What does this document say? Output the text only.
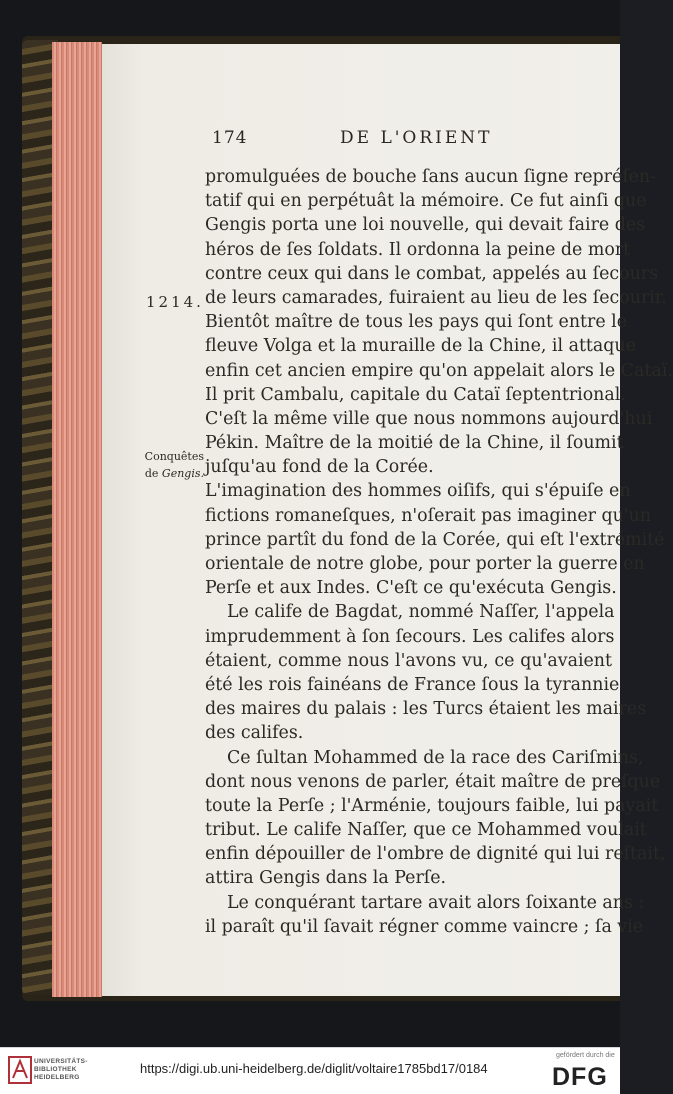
174	DE L'ORIENT
1214.
Conquêtes
de Gengis.
promulguées de bouche ſans aucun ſigne repréſen-
tatif qui en perpétuât la mémoire. Ce fut ainſi que
Gengis porta une loi nouvelle, qui devait faire des
héros de ſes ſoldats. Il ordonna la peine de mort
contre ceux qui dans le combat, appelés au ſecours
de leurs camarades, fuiraient au lieu de les ſecourir.
Bientôt maître de tous les pays qui ſont entre le
fleuve Volga et la muraille de la Chine, il attaque
enfin cet ancien empire qu'on appelait alors le Cataï.
Il prit Cambalu, capitale du Cataï ſeptentrional.
C'eſt la même ville que nous nommons aujourd'hui
Pékin. Maître de la moitié de la Chine, il ſoumit
juſqu'au fond de la Corée.
L'imagination des hommes oiſifs, qui s'épuiſe en
fictions romaneſques, n'oſerait pas imaginer qu'un
prince partît du fond de la Corée, qui eſt l'extrémité
orientale de notre globe, pour porter la guerre en
Perſe et aux Indes. C'eſt ce qu'exécuta Gengis.
Le calife de Bagdat, nommé Naſſer, l'appela
imprudemment à ſon ſecours. Les califes alors
étaient, comme nous l'avons vu, ce qu'avaient
été les rois fainéans de France ſous la tyrannie
des maires du palais : les Turcs étaient les maires
des califes.
Ce ſultan Mohammed de la race des Cariſmins,
dont nous venons de parler, était maître de preſque
toute la Perſe ; l'Arménie, toujours faible, lui payait
tribut. Le calife Naſſer, que ce Mohammed voulait
enfin dépouiller de l'ombre de dignité qui lui reſtait,
attira Gengis dans la Perſe.
Le conquérant tartare avait alors ſoixante ans :
il paraît qu'il ſavait régner comme vaincre ; ſa vie
UNIVERSITÄTS-
BIBLIOTHEK
HEIDELBERG
https://digi.ub.uni-heidelberg.de/diglit/voltaire1785bd17/0184
gefördert durch die
DFG
